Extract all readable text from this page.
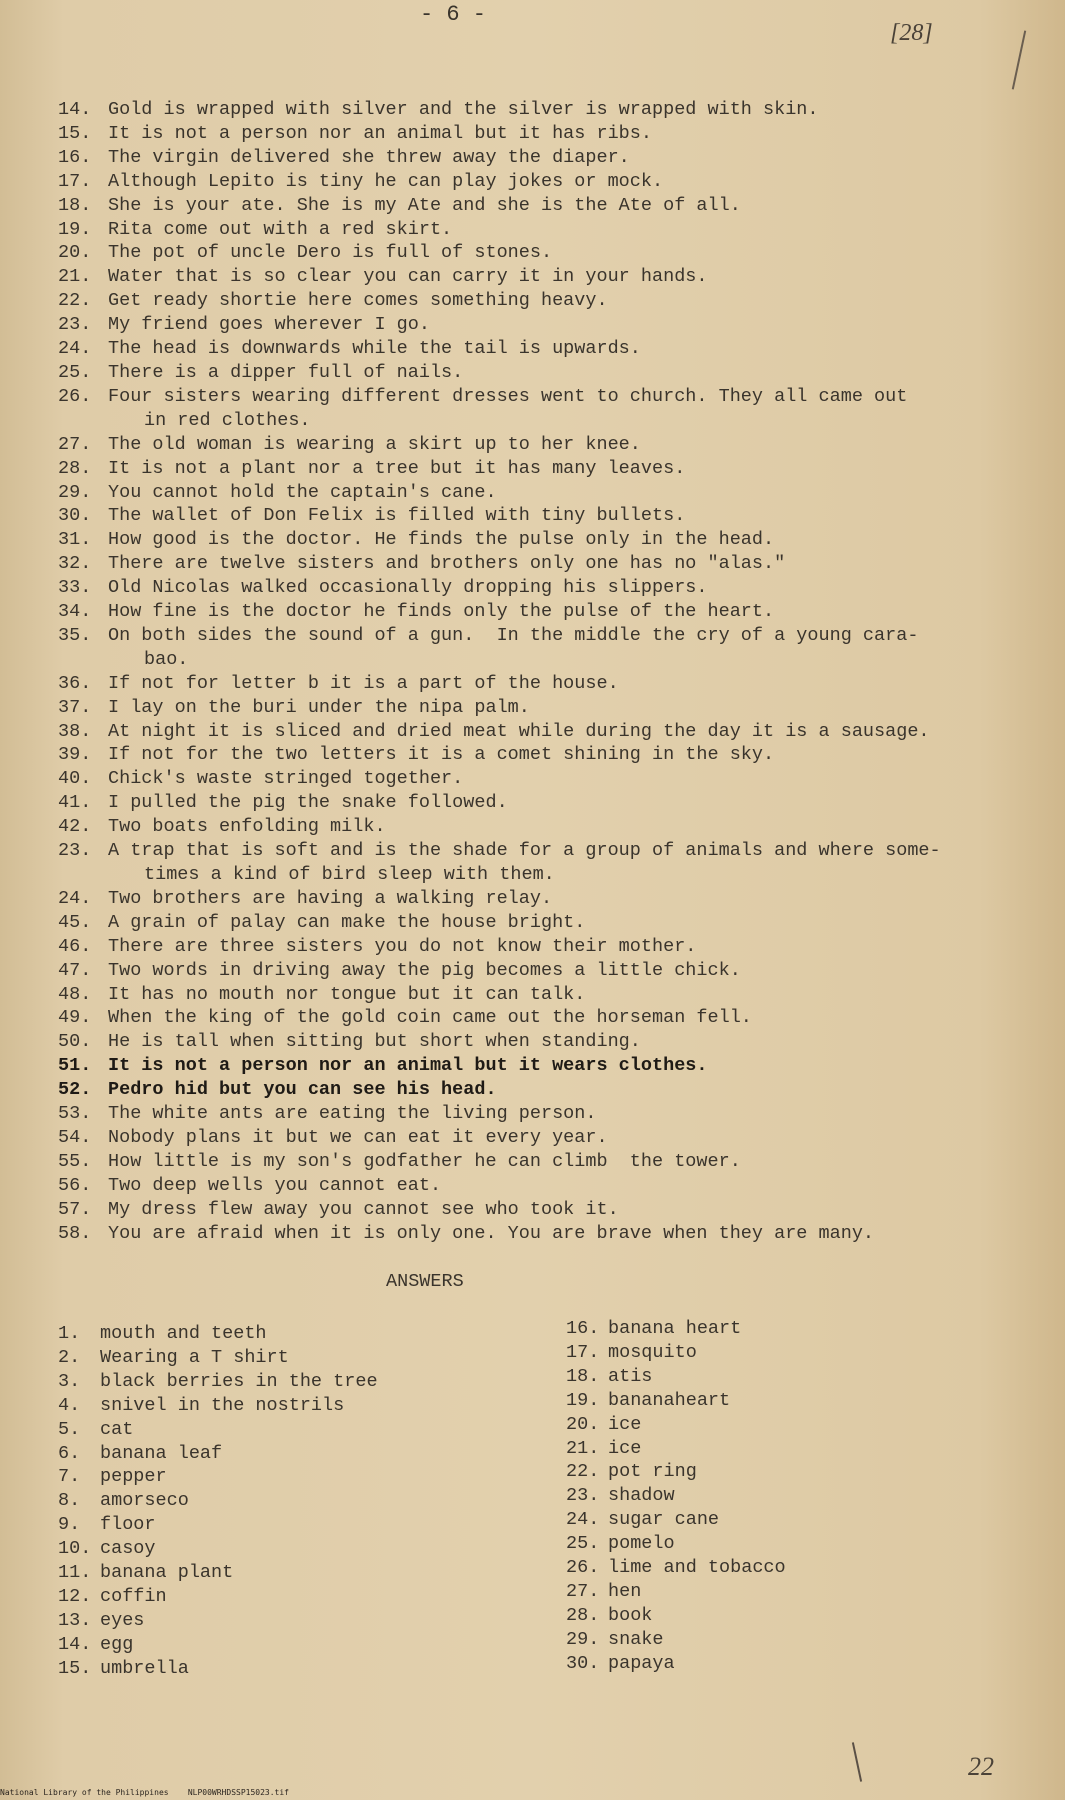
- 6 -
[28]
14. Gold is wrapped with silver and the silver is wrapped with skin.
15. It is not a person nor an animal but it has ribs.
16. The virgin delivered she threw away the diaper.
17. Although Lepito is tiny he can play jokes or mock.
18. She is your ate. She is my Ate and she is the Ate of all.
19. Rita come out with a red skirt.
20. The pot of uncle Dero is full of stones.
21. Water that is so clear you can carry it in your hands.
22. Get ready shortie here comes something heavy.
23. My friend goes wherever I go.
24. The head is downwards while the tail is upwards.
25. There is a dipper full of nails.
26. Four sisters wearing different dresses went to church. They all came out
in red clothes.
27. The old woman is wearing a skirt up to her knee.
28. It is not a plant nor a tree but it has many leaves.
29. You cannot hold the captain's cane.
30. The wallet of Don Felix is filled with tiny bullets.
31. How good is the doctor. He finds the pulse only in the head.
32. There are twelve sisters and brothers only one has no "alas."
33. Old Nicolas walked occasionally dropping his slippers.
34. How fine is the doctor he finds only the pulse of the heart.
35. On both sides the sound of a gun.  In the middle the cry of a young cara-
bao.
36. If not for letter b it is a part of the house.
37. I lay on the buri under the nipa palm.
38. At night it is sliced and dried meat while during the day it is a sausage.
39. If not for the two letters it is a comet shining in the sky.
40. Chick's waste stringed together.
41. I pulled the pig the snake followed.
42. Two boats enfolding milk.
23. A trap that is soft and is the shade for a group of animals and where some-
times a kind of bird sleep with them.
24. Two brothers are having a walking relay.
45. A grain of palay can make the house bright.
46. There are three sisters you do not know their mother.
47. Two words in driving away the pig becomes a little chick.
48. It has no mouth nor tongue but it can talk.
49. When the king of the gold coin came out the horseman fell.
50. He is tall when sitting but short when standing.
51. It is not a person nor an animal but it wears clothes.
52. Pedro hid but you can see his head.
53. The white ants are eating the living person.
54. Nobody plans it but we can eat it every year.
55. How little is my son's godfather he can climb  the tower.
56. Two deep wells you cannot eat.
57. My dress flew away you cannot see who took it.
58. You are afraid when it is only one. You are brave when they are many.
ANSWERS
1.	mouth and teeth
2.	Wearing a T shirt
3.	black berries in the tree
4.	snivel in the nostrils
5.	cat
6.	banana leaf
7.	pepper
8.	amorseco
9.	floor
10. casoy
11. banana plant
12. coffin
13. eyes
14. egg
15. umbrella
16. banana heart
17. mosquito
18. atis
19. bananaheart
20. ice
21. ice
22. pot ring
23. shadow
24. sugar cane
25. pomelo
26. lime and tobacco
27. hen
28. book
29. snake
30. papaya
22
National Library of the Philippines    NLP00WRHDSSP15023.tif
